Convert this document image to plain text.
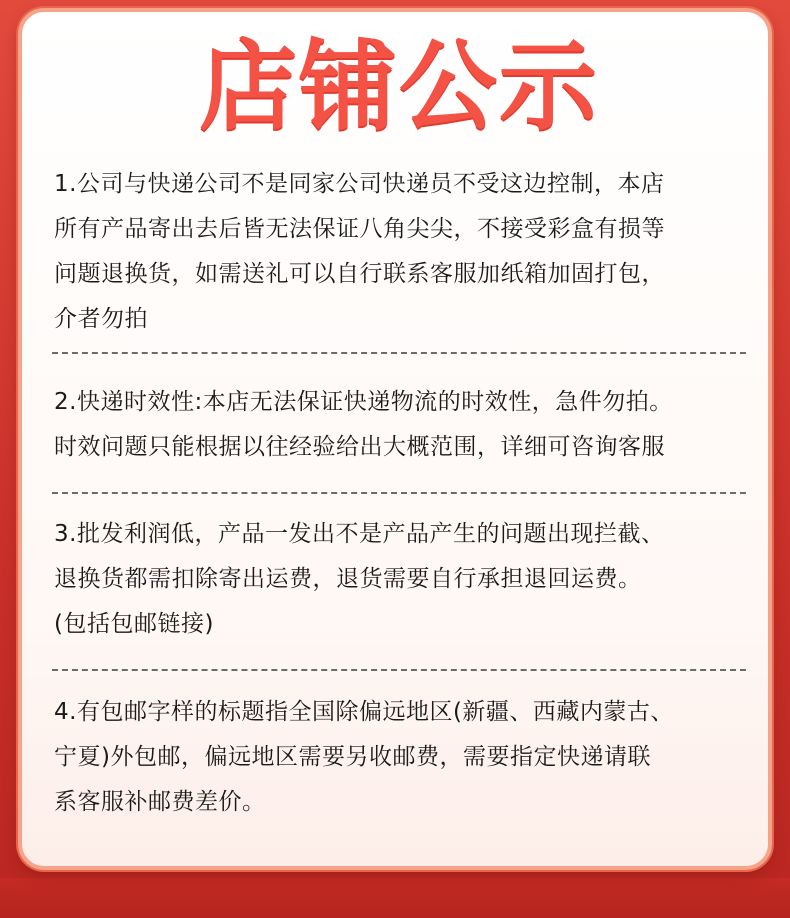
店铺公示

1.公司与快递公司不是同家公司快递员不受这边控制，本店

所有产品寄出去后皆无法保证八角尖尖，不接受彩盒有损等

问题退换货，如需送礼可以自行联系客服加纸箱加固打包，

介者勿拍

2.快递时效性:本店无法保证快递物流的时效性，急件勿拍。

时效问题只能根据以往经验给出大概范围，详细可咨询客服

3.批发利润低，产品一发出不是产品产生的问题出现拦截、

退换货都需扣除寄出运费，退货需要自行承担退回运费。

(包括包邮链接)

4.有包邮字样的标题指全国除偏远地区(新疆、西藏内蒙古、

宁夏)外包邮，偏远地区需要另收邮费，需要指定快递请联

系客服补邮费差价。
